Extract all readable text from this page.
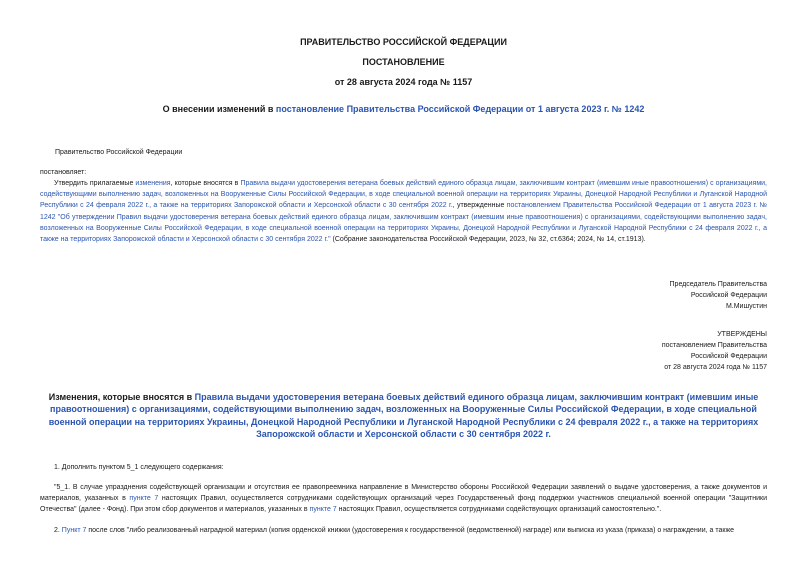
ПРАВИТЕЛЬСТВО РОССИЙСКОЙ ФЕДЕРАЦИИ
ПОСТАНОВЛЕНИЕ
от 28 августа 2024 года № 1157
О внесении изменений в постановление Правительства Российской Федерации от 1 августа 2023 г. № 1242
Правительство Российской Федерации
постановляет:
Утвердить прилагаемые изменения, которые вносятся в Правила выдачи удостоверения ветерана боевых действий единого образца лицам, заключившим контракт (имевшим иные правоотношения) с организациями, содействующими выполнению задач, возложенных на Вооруженные Силы Российской Федерации, в ходе специальной военной операции на территориях Украины, Донецкой Народной Республики и Луганской Народной Республики с 24 февраля 2022 г., а также на территориях Запорожской области и Херсонской области с 30 сентября 2022 г., утвержденные постановлением Правительства Российской Федерации от 1 августа 2023 г. № 1242 "Об утверждении Правил выдачи удостоверения ветерана боевых действий единого образца лицам, заключившим контракт (имевшим иные правоотношения) с организациями, содействующими выполнению задач, возложенных на Вооруженные Силы Российской Федерации, в ходе специальной военной операции на территориях Украины, Донецкой Народной Республики и Луганской Народной Республики с 24 февраля 2022 г., а также на территориях Запорожской области и Херсонской области с 30 сентября 2022 г." (Собрание законодательства Российской Федерации, 2023, № 32, ст.6364; 2024, № 14, ст.1913).
Председатель Правительства
Российской Федерации
М.Мишустин
УТВЕРЖДЕНЫ
постановлением Правительства
Российской Федерации
от 28 августа 2024 года № 1157
Изменения, которые вносятся в Правила выдачи удостоверения ветерана боевых действий единого образца лицам, заключившим контракт (имевшим иные правоотношения) с организациями, содействующими выполнению задач, возложенных на Вооруженные Силы Российской Федерации, в ходе специальной военной операции на территориях Украины, Донецкой Народной Республики и Луганской Народной Республики с 24 февраля 2022 г., а также на территориях Запорожской области и Херсонской области с 30 сентября 2022 г.
1. Дополнить пунктом 5_1 следующего содержания:
"5_1. В случае упразднения содействующей организации и отсутствия ее правопреемника направление в Министерство обороны Российской Федерации заявлений о выдаче удостоверения, а также документов и материалов, указанных в пункте 7 настоящих Правил, осуществляется сотрудниками содействующих организаций через Государственный фонд поддержки участников специальной военной операции "Защитники Отечества" (далее - Фонд). При этом сбор документов и материалов, указанных в пункте 7 настоящих Правил, осуществляется сотрудниками содействующих организаций самостоятельно.".
2. Пункт 7 после слов "либо реализованный наградной материал (копия орденской книжки (удостоверения к государственной (ведомственной) награде) или выписка из указа (приказа) о награждении, а также
